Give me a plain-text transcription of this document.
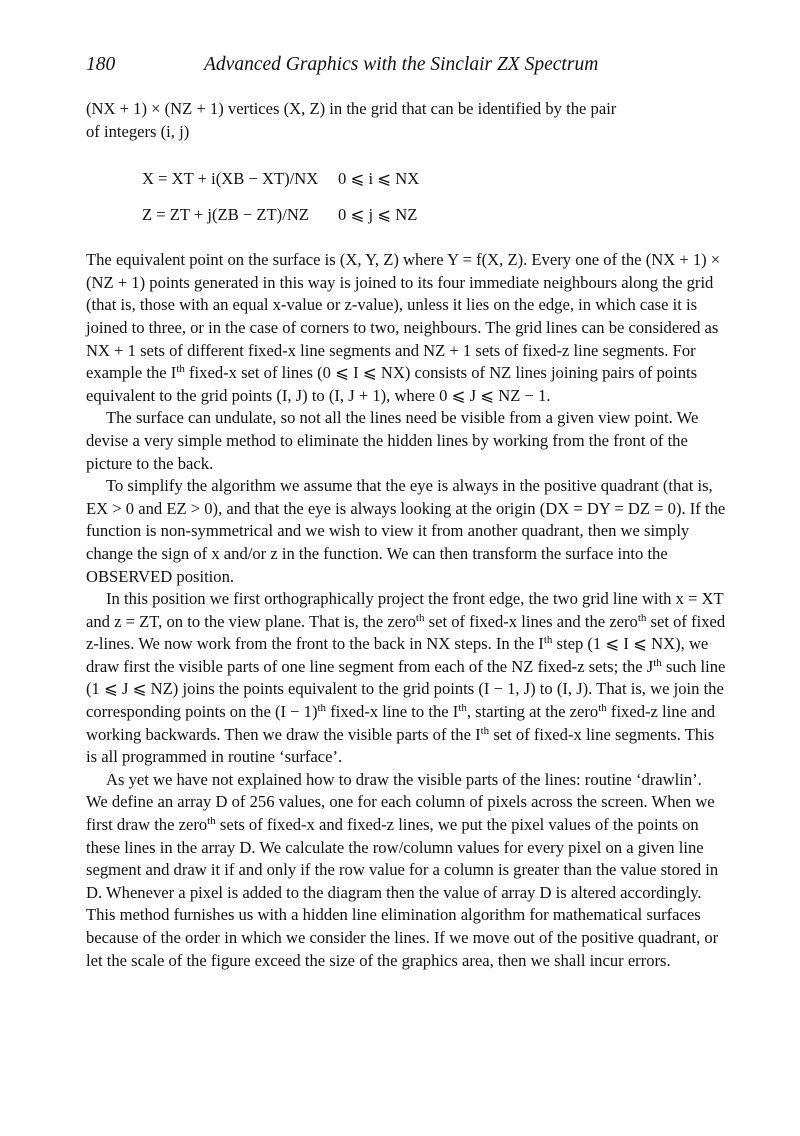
180	Advanced Graphics with the Sinclair ZX Spectrum

(NX + 1) × (NZ + 1) vertices (X, Z) in the grid that can be identified by the pair
of integers (i, j)

X = XT + i(XB − XT)/NX	0 ⩽ i ⩽ NX
Z = ZT + j(ZB − ZT)/NZ	0 ⩽ j ⩽ NZ

The equivalent point on the surface is (X, Y, Z) where Y = f(X, Z). Every one of the (NX + 1) × (NZ + 1) points generated in this way is joined to its four immediate neighbours along the grid (that is, those with an equal x-value or z-value), unless it lies on the edge, in which case it is joined to three, or in the case of corners to two, neighbours. The grid lines can be considered as NX + 1 sets of different fixed-x line segments and NZ + 1 sets of fixed-z line segments. For example the Ith fixed-x set of lines (0 ⩽ I ⩽ NX) consists of NZ lines joining pairs of points equivalent to the grid points (I, J) to (I, J + 1), where 0 ⩽ J ⩽ NZ − 1.

The surface can undulate, so not all the lines need be visible from a given view point. We devise a very simple method to eliminate the hidden lines by working from the front of the picture to the back.

To simplify the algorithm we assume that the eye is always in the positive quadrant (that is, EX > 0 and EZ > 0), and that the eye is always looking at the origin (DX = DY = DZ = 0). If the function is non-symmetrical and we wish to view it from another quadrant, then we simply change the sign of x and/or z in the function. We can then transform the surface into the OBSERVED position.

In this position we first orthographically project the front edge, the two grid line with x = XT and z = ZT, on to the view plane. That is, the zero$^{th}$ set of fixed-x lines and the zero$^{th}$ set of fixed z-lines. We now work from the front to the back in NX steps. In the Ith step (1 ⩽ I ⩽ NX), we draw first the visible parts of one line segment from each of the NZ fixed-z sets; the $J^{th}$ such line (1 ⩽ J ⩽ NZ) joins the points equivalent to the grid points (I − 1, J) to (I, J). That is, we join the corresponding points on the $(I - 1)^{th}$ fixed-x line to the Ith, starting at the zero$^{th}$ fixed-z line and working backwards. Then we draw the visible parts of the Ith set of fixed-x line segments. This is all programmed in routine ‘surface’.

As yet we have not explained how to draw the visible parts of the lines: routine ‘drawlin’. We define an array D of 256 values, one for each column of pixels across the screen. When we first draw the zero$^{th}$ sets of fixed-x and fixed-z lines, we put the pixel values of the points on these lines in the array D. We calculate the row/column values for every pixel on a given line segment and draw it if and only if the row value for a column is greater than the value stored in D. Whenever a pixel is added to the diagram then the value of array D is altered accordingly. This method furnishes us with a hidden line elimination algorithm for mathematical surfaces because of the order in which we consider the lines. If we move out of the positive quadrant, or let the scale of the figure exceed the size of the graphics area, then we shall incur errors.
